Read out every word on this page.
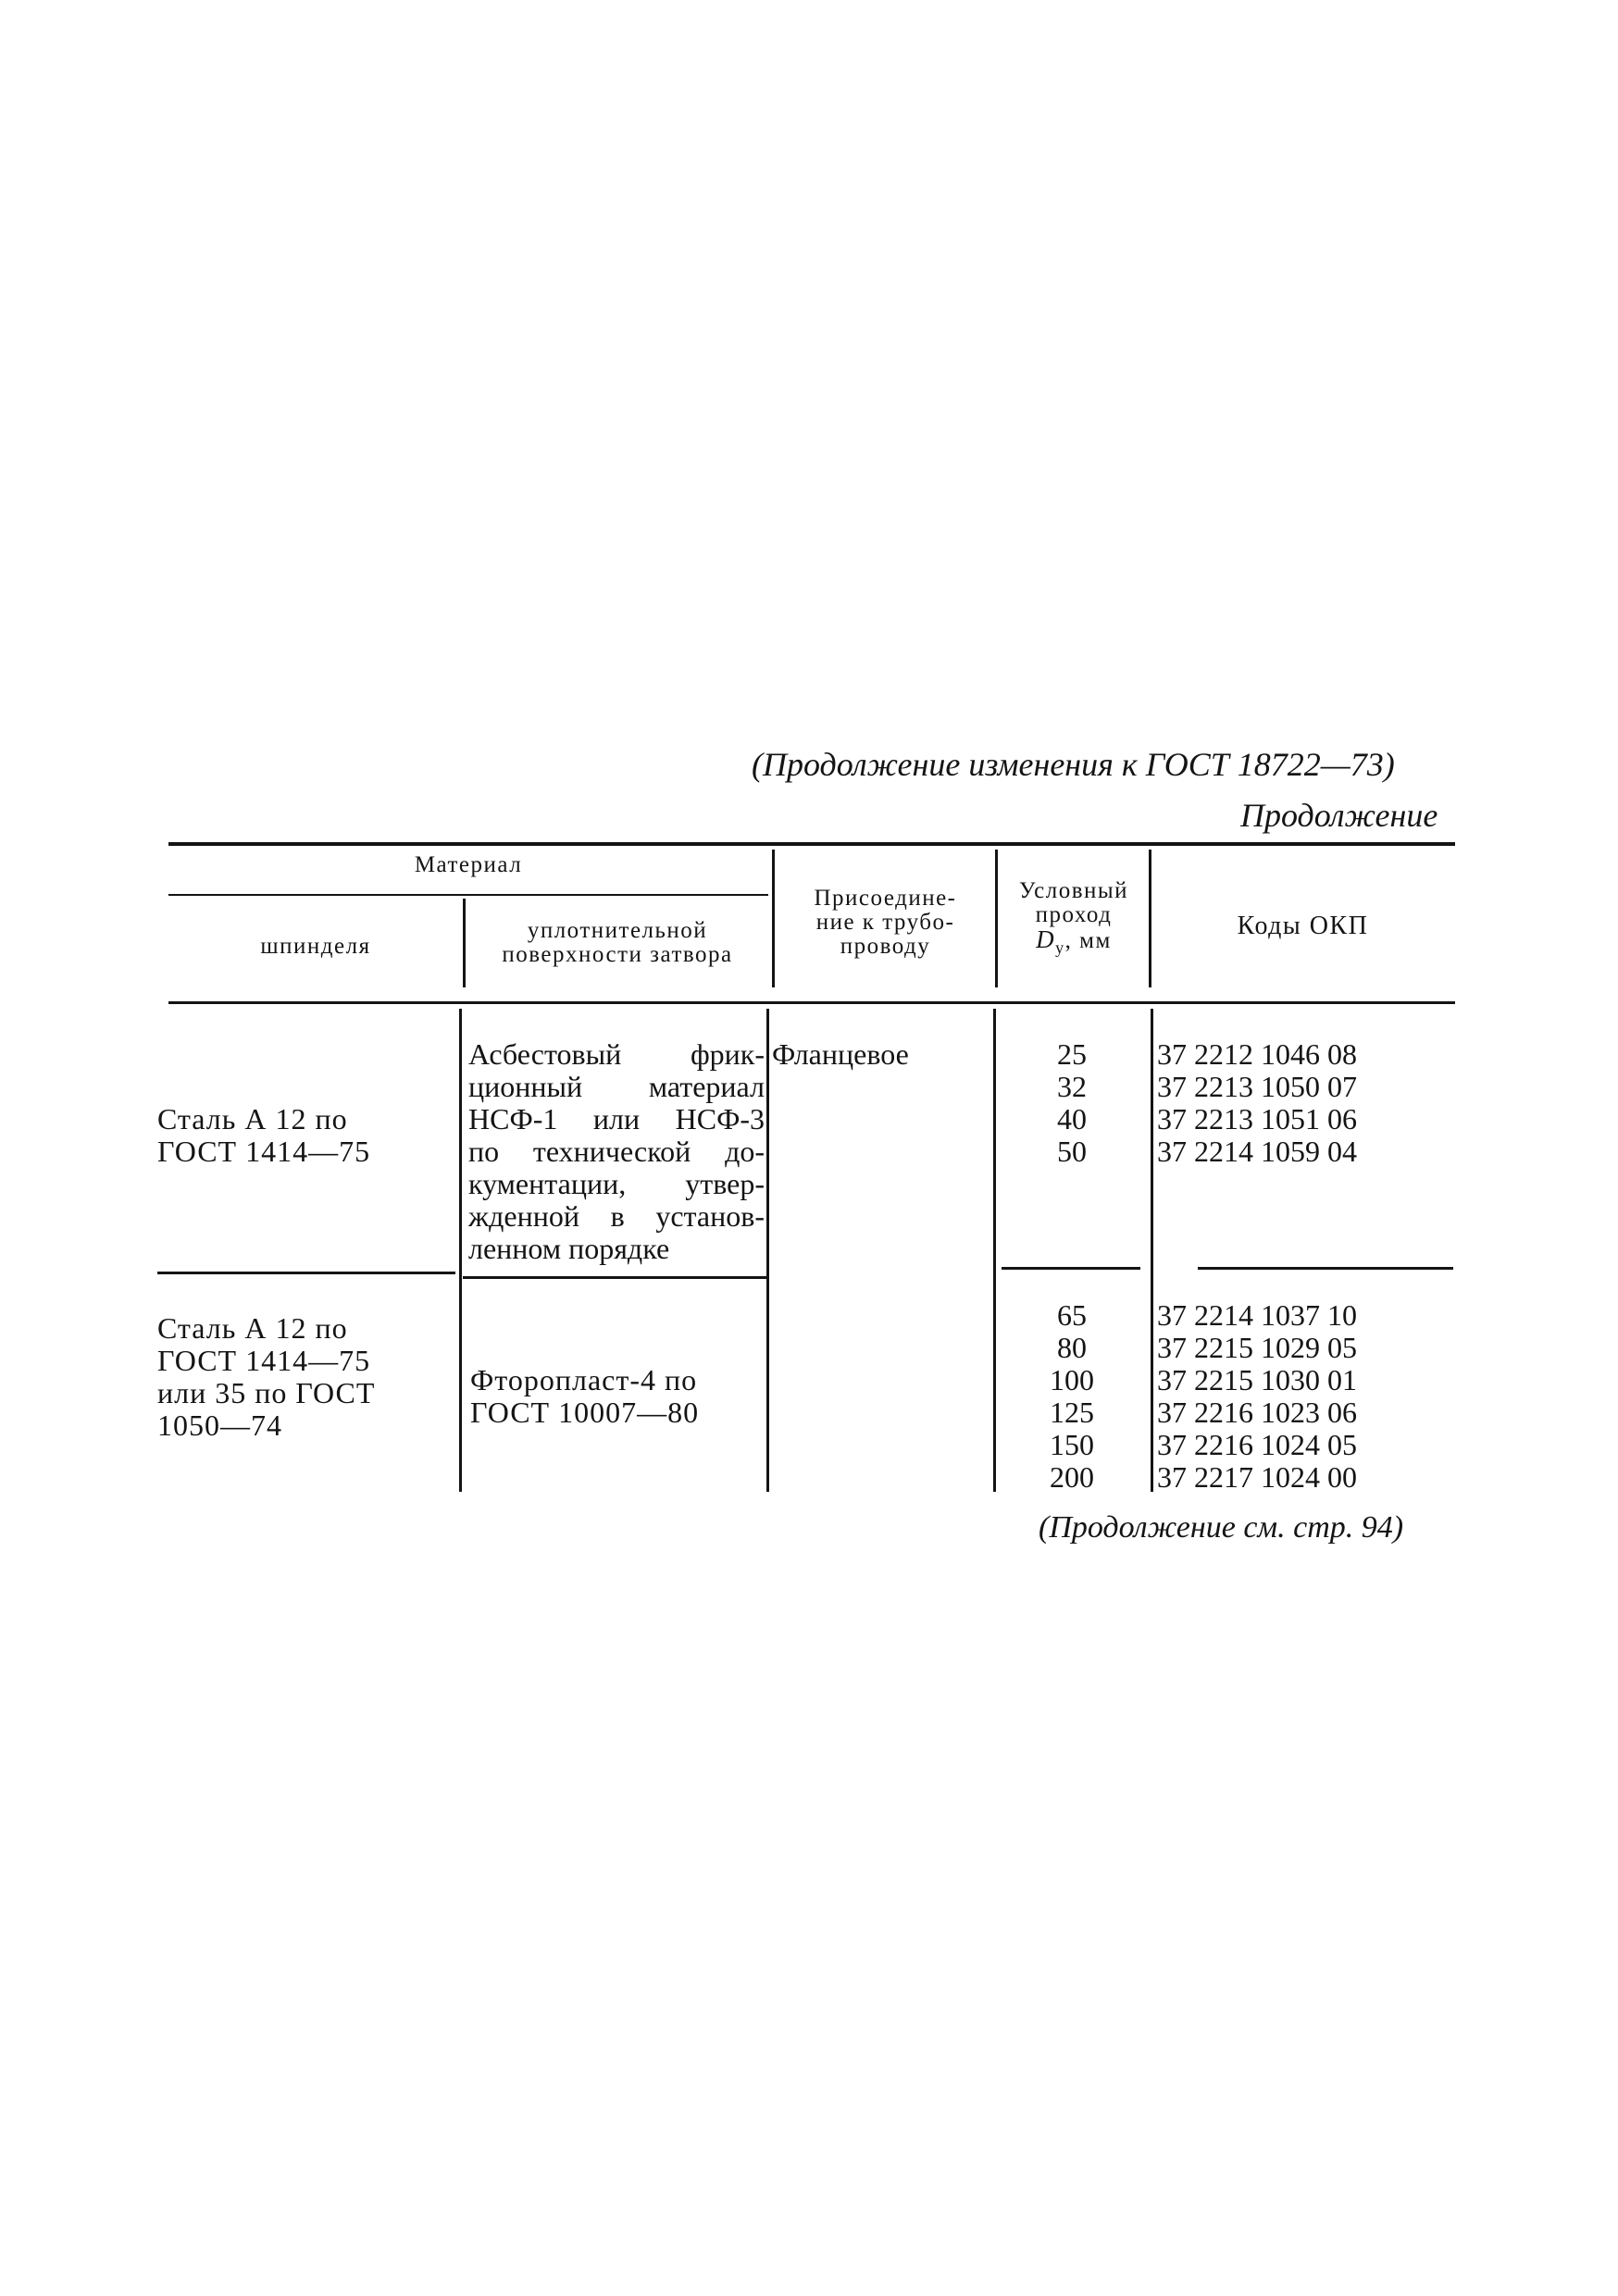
(Продолжение изменения к ГОСТ 18722—73)
Продолжение
Материал
шпинделя
уплотнительной
поверхности затвора
Присоедине-
ние к трубо-
проводу
Условный
проход
$D_у$, мм
Коды ОКП
Сталь А 12 по
ГОСТ 1414—75
Асбестовый фрик-
ционный материал
НСФ-1 или НСФ-3
по технической до-
кументации, утвер-
жденной в установ-
ленном порядке
Фланцевое	25
32
40
50
37 2212 1046 08
37 2213 1050 07
37 2213 1051 06
37 2214 1059 04
Сталь А 12 по
ГОСТ 1414—75
или 35 по ГОСТ
1050—74
Фторопласт-4 по
ГОСТ 10007—80
65
80
100
125
150
200
37 2214 1037 10
37 2215 1029 05
37 2215 1030 01
37 2216 1023 06
37 2216 1024 05
37 2217 1024 00
(Продолжение см. стр. 94)
